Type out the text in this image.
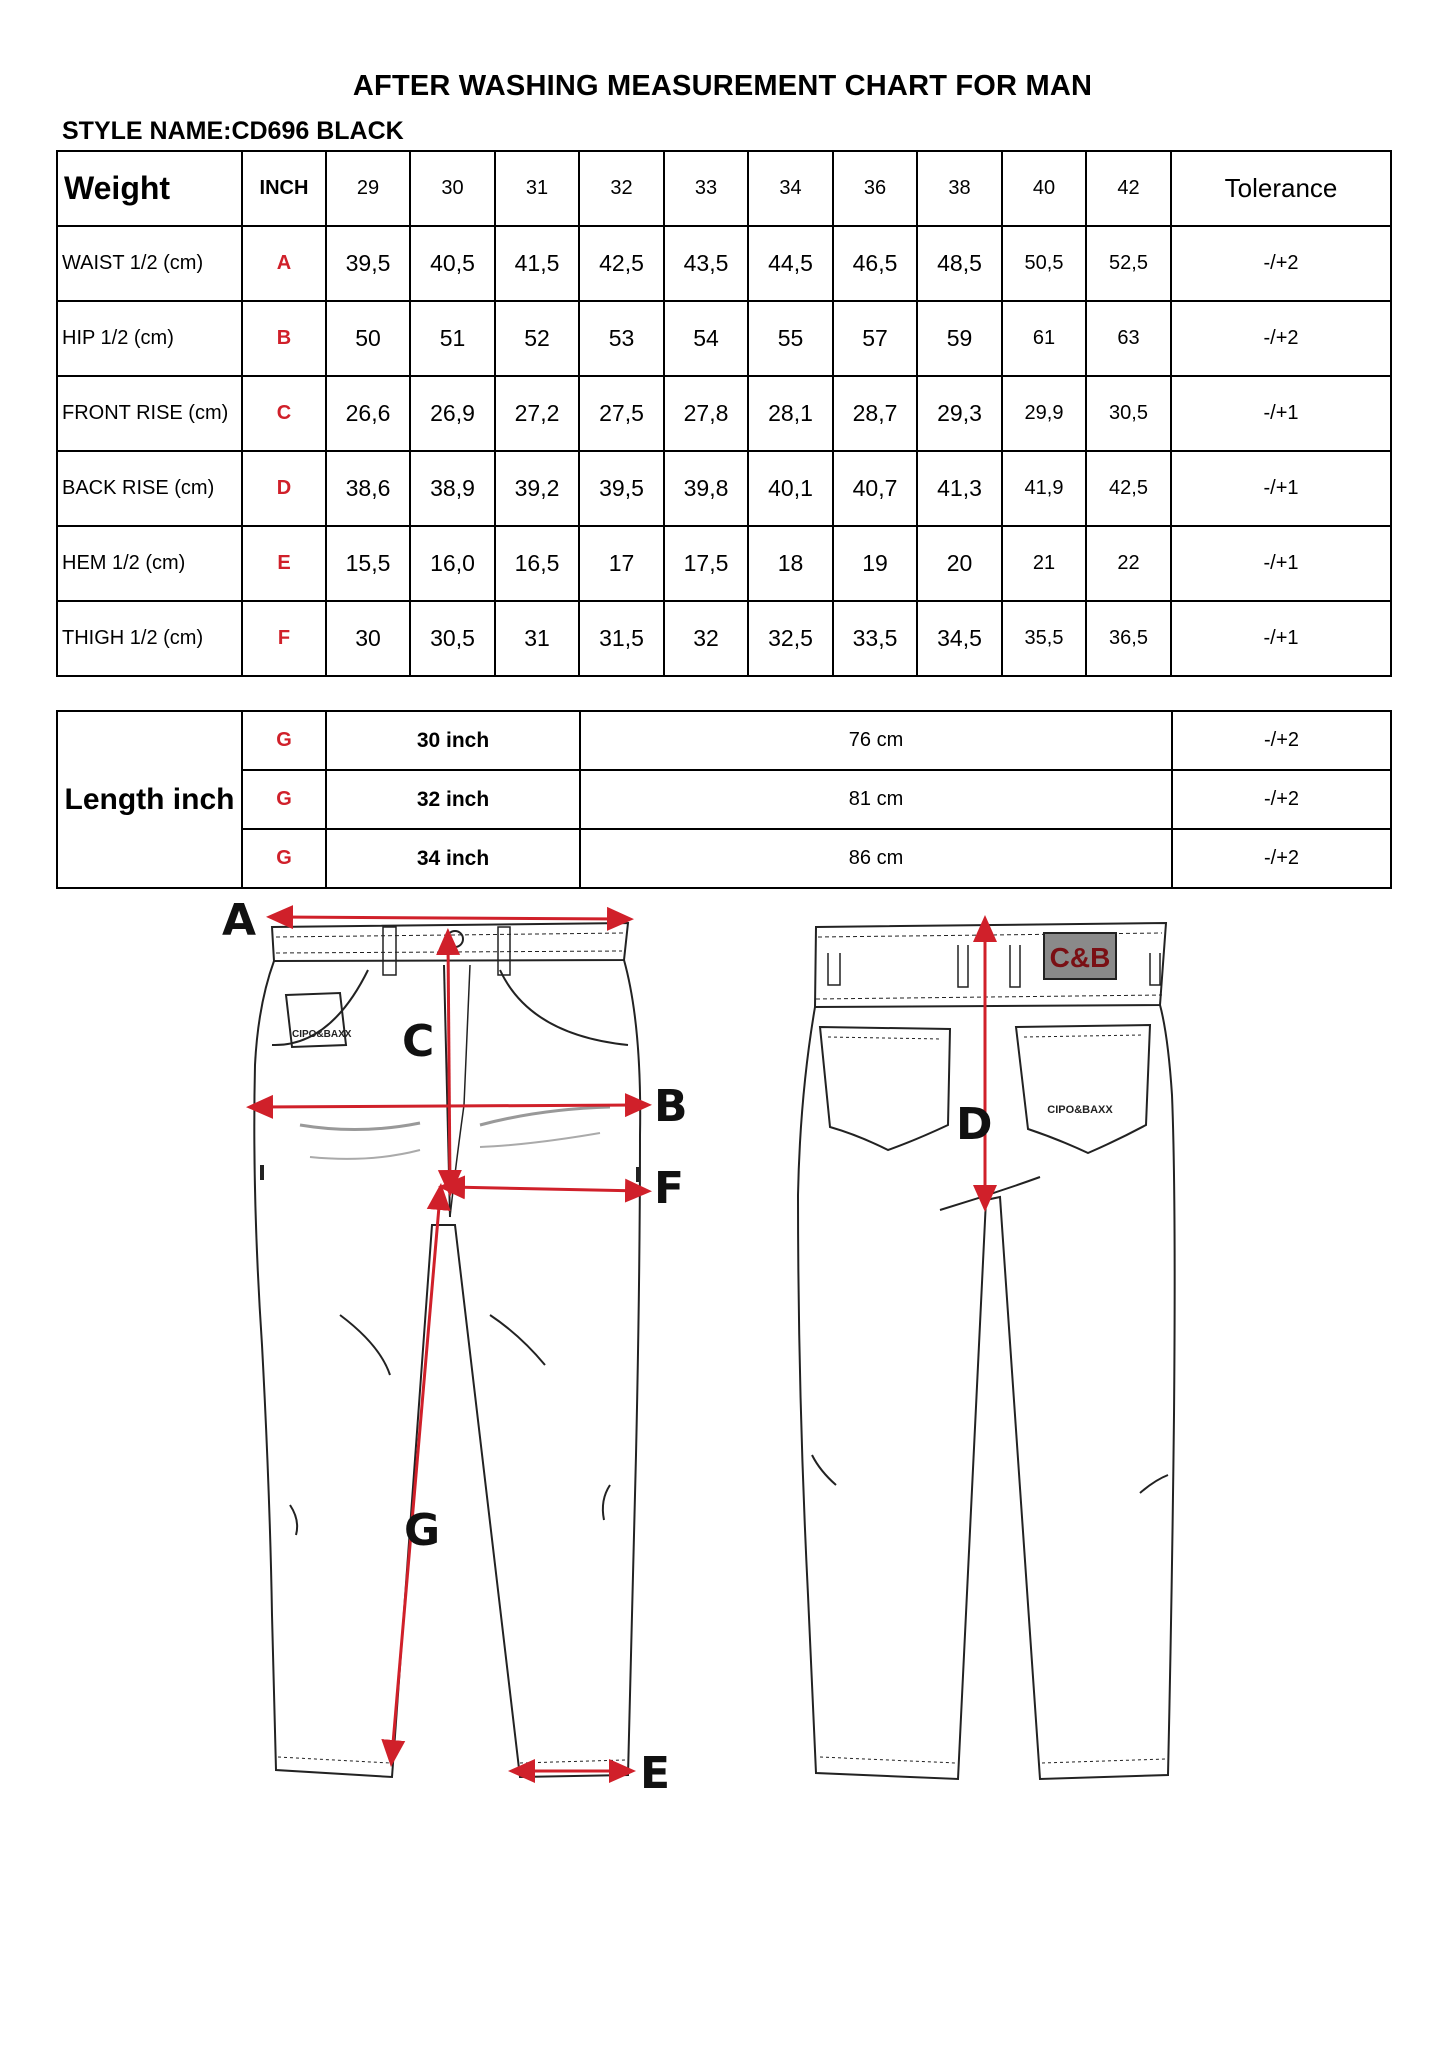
AFTER WASHING MEASUREMENT CHART FOR MAN
STYLE NAME:CD696 BLACK
Weight	INCH	29	30	31	32	33	34	36	38	40	42	Tolerance
WAIST 1/2 (cm)	A	39,5	40,5	41,5	42,5	43,5	44,5	46,5	48,5	50,5	52,5	-/+2
HIP 1/2 (cm)	B	50	51	52	53	54	55	57	59	61	63	-/+2
FRONT RISE (cm)	C	26,6	26,9	27,2	27,5	27,8	28,1	28,7	29,3	29,9	30,5	-/+1
BACK RISE (cm)	D	38,6	38,9	39,2	39,5	39,8	40,1	40,7	41,3	41,9	42,5	-/+1
HEM 1/2 (cm)	E	15,5	16,0	16,5	17	17,5	18	19	20	21	22	-/+1
THIGH 1/2 (cm)	F	30	30,5	31	31,5	32	32,5	33,5	34,5	35,5	36,5	-/+1
Length inch	G	30 inch	76 cm	-/+2
	G	32 inch	81 cm	-/+2
	G	34 inch	86 cm	-/+2
CIPO&BAXX
C&B
CIPO&BAXX
A
C
B
F
G
E
D
